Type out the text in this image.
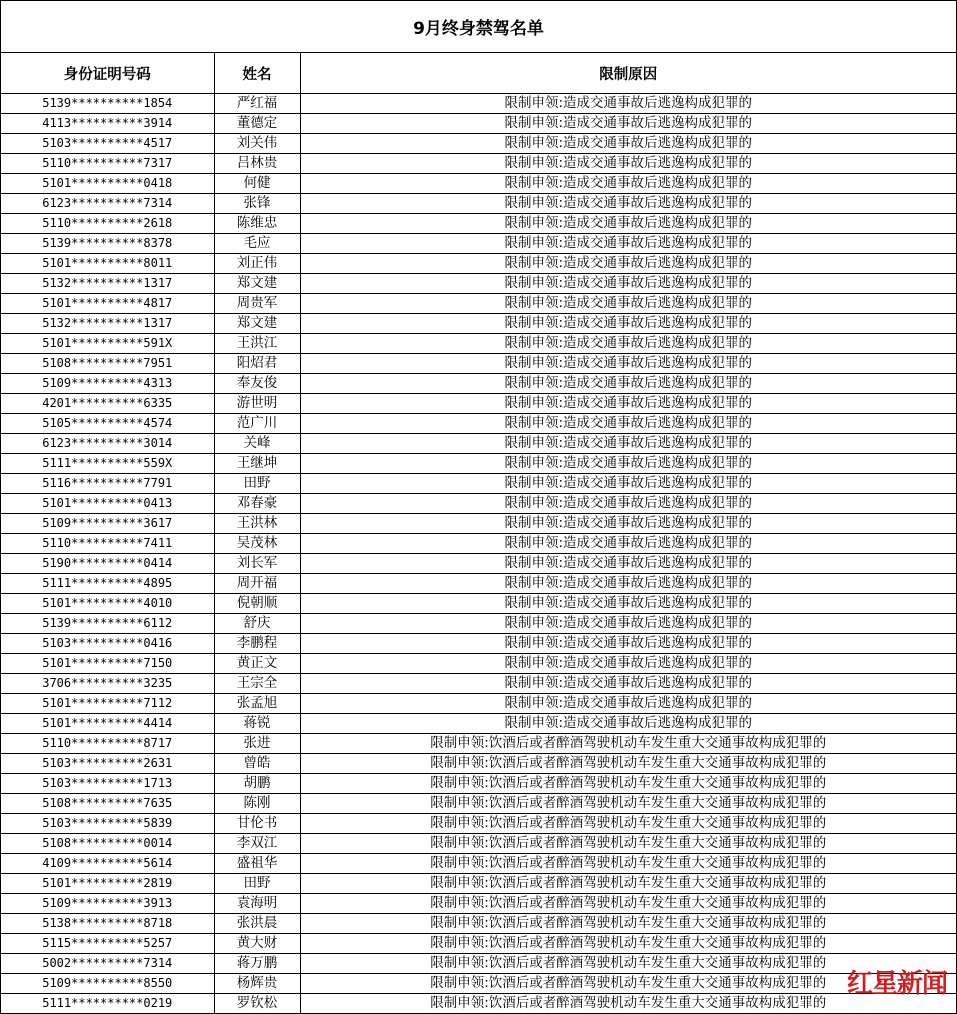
9月终身禁驾名单
身份证明号码	姓名	限制原因
5139**********1854	严红福	限制申领:造成交通事故后逃逸构成犯罪的
4113**********3914	董德定	限制申领:造成交通事故后逃逸构成犯罪的
5103**********4517	刘关伟	限制申领:造成交通事故后逃逸构成犯罪的
5110**********7317	吕林贵	限制申领:造成交通事故后逃逸构成犯罪的
5101**********0418	何健	限制申领:造成交通事故后逃逸构成犯罪的
6123**********7314	张锋	限制申领:造成交通事故后逃逸构成犯罪的
5110**********2618	陈维忠	限制申领:造成交通事故后逃逸构成犯罪的
5139**********8378	毛应	限制申领:造成交通事故后逃逸构成犯罪的
5101**********8011	刘正伟	限制申领:造成交通事故后逃逸构成犯罪的
5132**********1317	郑文建	限制申领:造成交通事故后逃逸构成犯罪的
5101**********4817	周贵军	限制申领:造成交通事故后逃逸构成犯罪的
5132**********1317	郑文建	限制申领:造成交通事故后逃逸构成犯罪的
5101**********591X	王洪江	限制申领:造成交通事故后逃逸构成犯罪的
5108**********7951	阳炤君	限制申领:造成交通事故后逃逸构成犯罪的
5109**********4313	奉友俊	限制申领:造成交通事故后逃逸构成犯罪的
4201**********6335	游世明	限制申领:造成交通事故后逃逸构成犯罪的
5105**********4574	范广川	限制申领:造成交通事故后逃逸构成犯罪的
6123**********3014	关峰	限制申领:造成交通事故后逃逸构成犯罪的
5111**********559X	王继坤	限制申领:造成交通事故后逃逸构成犯罪的
5116**********7791	田野	限制申领:造成交通事故后逃逸构成犯罪的
5101**********0413	邓春豪	限制申领:造成交通事故后逃逸构成犯罪的
5109**********3617	王洪林	限制申领:造成交通事故后逃逸构成犯罪的
5110**********7411	吴茂林	限制申领:造成交通事故后逃逸构成犯罪的
5190**********0414	刘长军	限制申领:造成交通事故后逃逸构成犯罪的
5111**********4895	周开福	限制申领:造成交通事故后逃逸构成犯罪的
5101**********4010	倪朝顺	限制申领:造成交通事故后逃逸构成犯罪的
5139**********6112	舒庆	限制申领:造成交通事故后逃逸构成犯罪的
5103**********0416	李鹏程	限制申领:造成交通事故后逃逸构成犯罪的
5101**********7150	黄正文	限制申领:造成交通事故后逃逸构成犯罪的
3706**********3235	王宗全	限制申领:造成交通事故后逃逸构成犯罪的
5101**********7112	张孟旭	限制申领:造成交通事故后逃逸构成犯罪的
5101**********4414	蒋锐	限制申领:造成交通事故后逃逸构成犯罪的
5110**********8717	张进	限制申领:饮酒后或者醉酒驾驶机动车发生重大交通事故构成犯罪的
5103**********2631	曾皓	限制申领:饮酒后或者醉酒驾驶机动车发生重大交通事故构成犯罪的
5103**********1713	胡鹏	限制申领:饮酒后或者醉酒驾驶机动车发生重大交通事故构成犯罪的
5108**********7635	陈刚	限制申领:饮酒后或者醉酒驾驶机动车发生重大交通事故构成犯罪的
5103**********5839	甘伦书	限制申领:饮酒后或者醉酒驾驶机动车发生重大交通事故构成犯罪的
5108**********0014	李双江	限制申领:饮酒后或者醉酒驾驶机动车发生重大交通事故构成犯罪的
4109**********5614	盛祖华	限制申领:饮酒后或者醉酒驾驶机动车发生重大交通事故构成犯罪的
5101**********2819	田野	限制申领:饮酒后或者醉酒驾驶机动车发生重大交通事故构成犯罪的
5109**********3913	袁海明	限制申领:饮酒后或者醉酒驾驶机动车发生重大交通事故构成犯罪的
5138**********8718	张洪晨	限制申领:饮酒后或者醉酒驾驶机动车发生重大交通事故构成犯罪的
5115**********5257	黄大财	限制申领:饮酒后或者醉酒驾驶机动车发生重大交通事故构成犯罪的
5002**********7314	蒋万鹏	限制申领:饮酒后或者醉酒驾驶机动车发生重大交通事故构成犯罪的
5109**********8550	杨辉贵	限制申领:饮酒后或者醉酒驾驶机动车发生重大交通事故构成犯罪的
5111**********0219	罗钦松	限制申领:饮酒后或者醉酒驾驶机动车发生重大交通事故构成犯罪的
红星新闻
